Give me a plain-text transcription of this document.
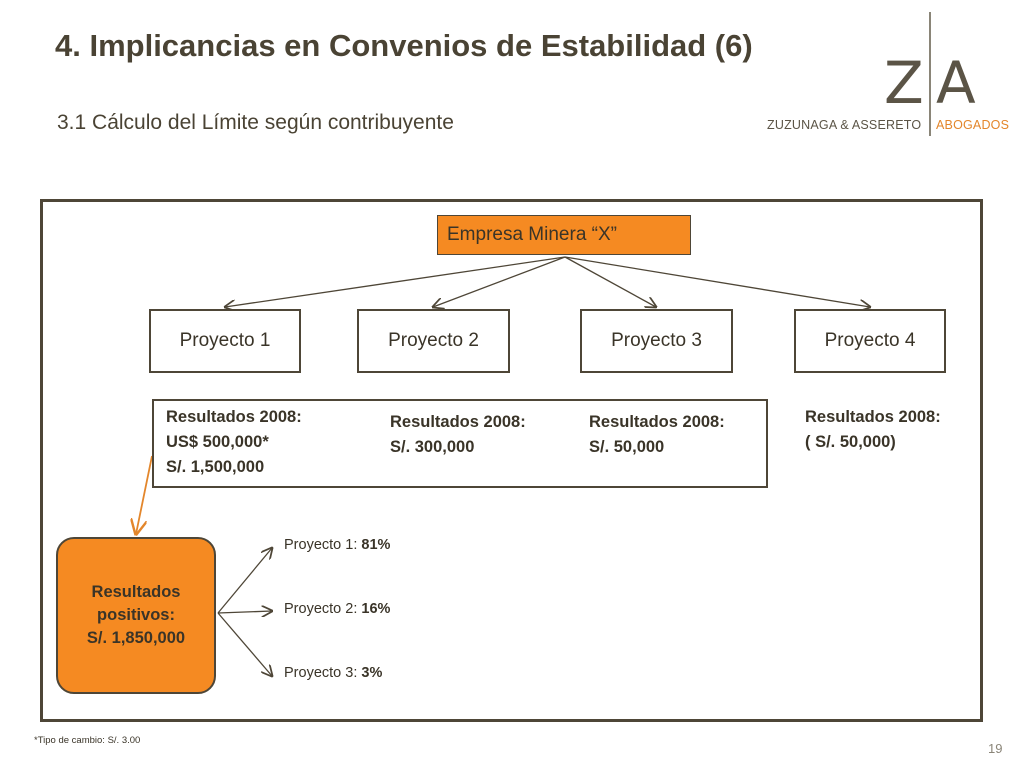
4. Implicancias en Convenios de Estabilidad (6)
3.1 Cálculo del Límite según contribuyente
Z A
ZUZUNAGA & ASSERETO ABOGADOS
Empresa Minera “X”
Proyecto 1	Proyecto 2	Proyecto 3	Proyecto 4
Resultados 2008:
US$ 500,000*
S/. 1,500,000
Resultados 2008:
S/. 300,000
Resultados 2008:
S/. 50,000
Resultados 2008:
( S/. 50,000)
Resultados
positivos:
S/. 1,850,000
Proyecto 1: 81%
Proyecto 2: 16%
Proyecto 3: 3%
*Tipo de cambio: S/. 3.00
19
